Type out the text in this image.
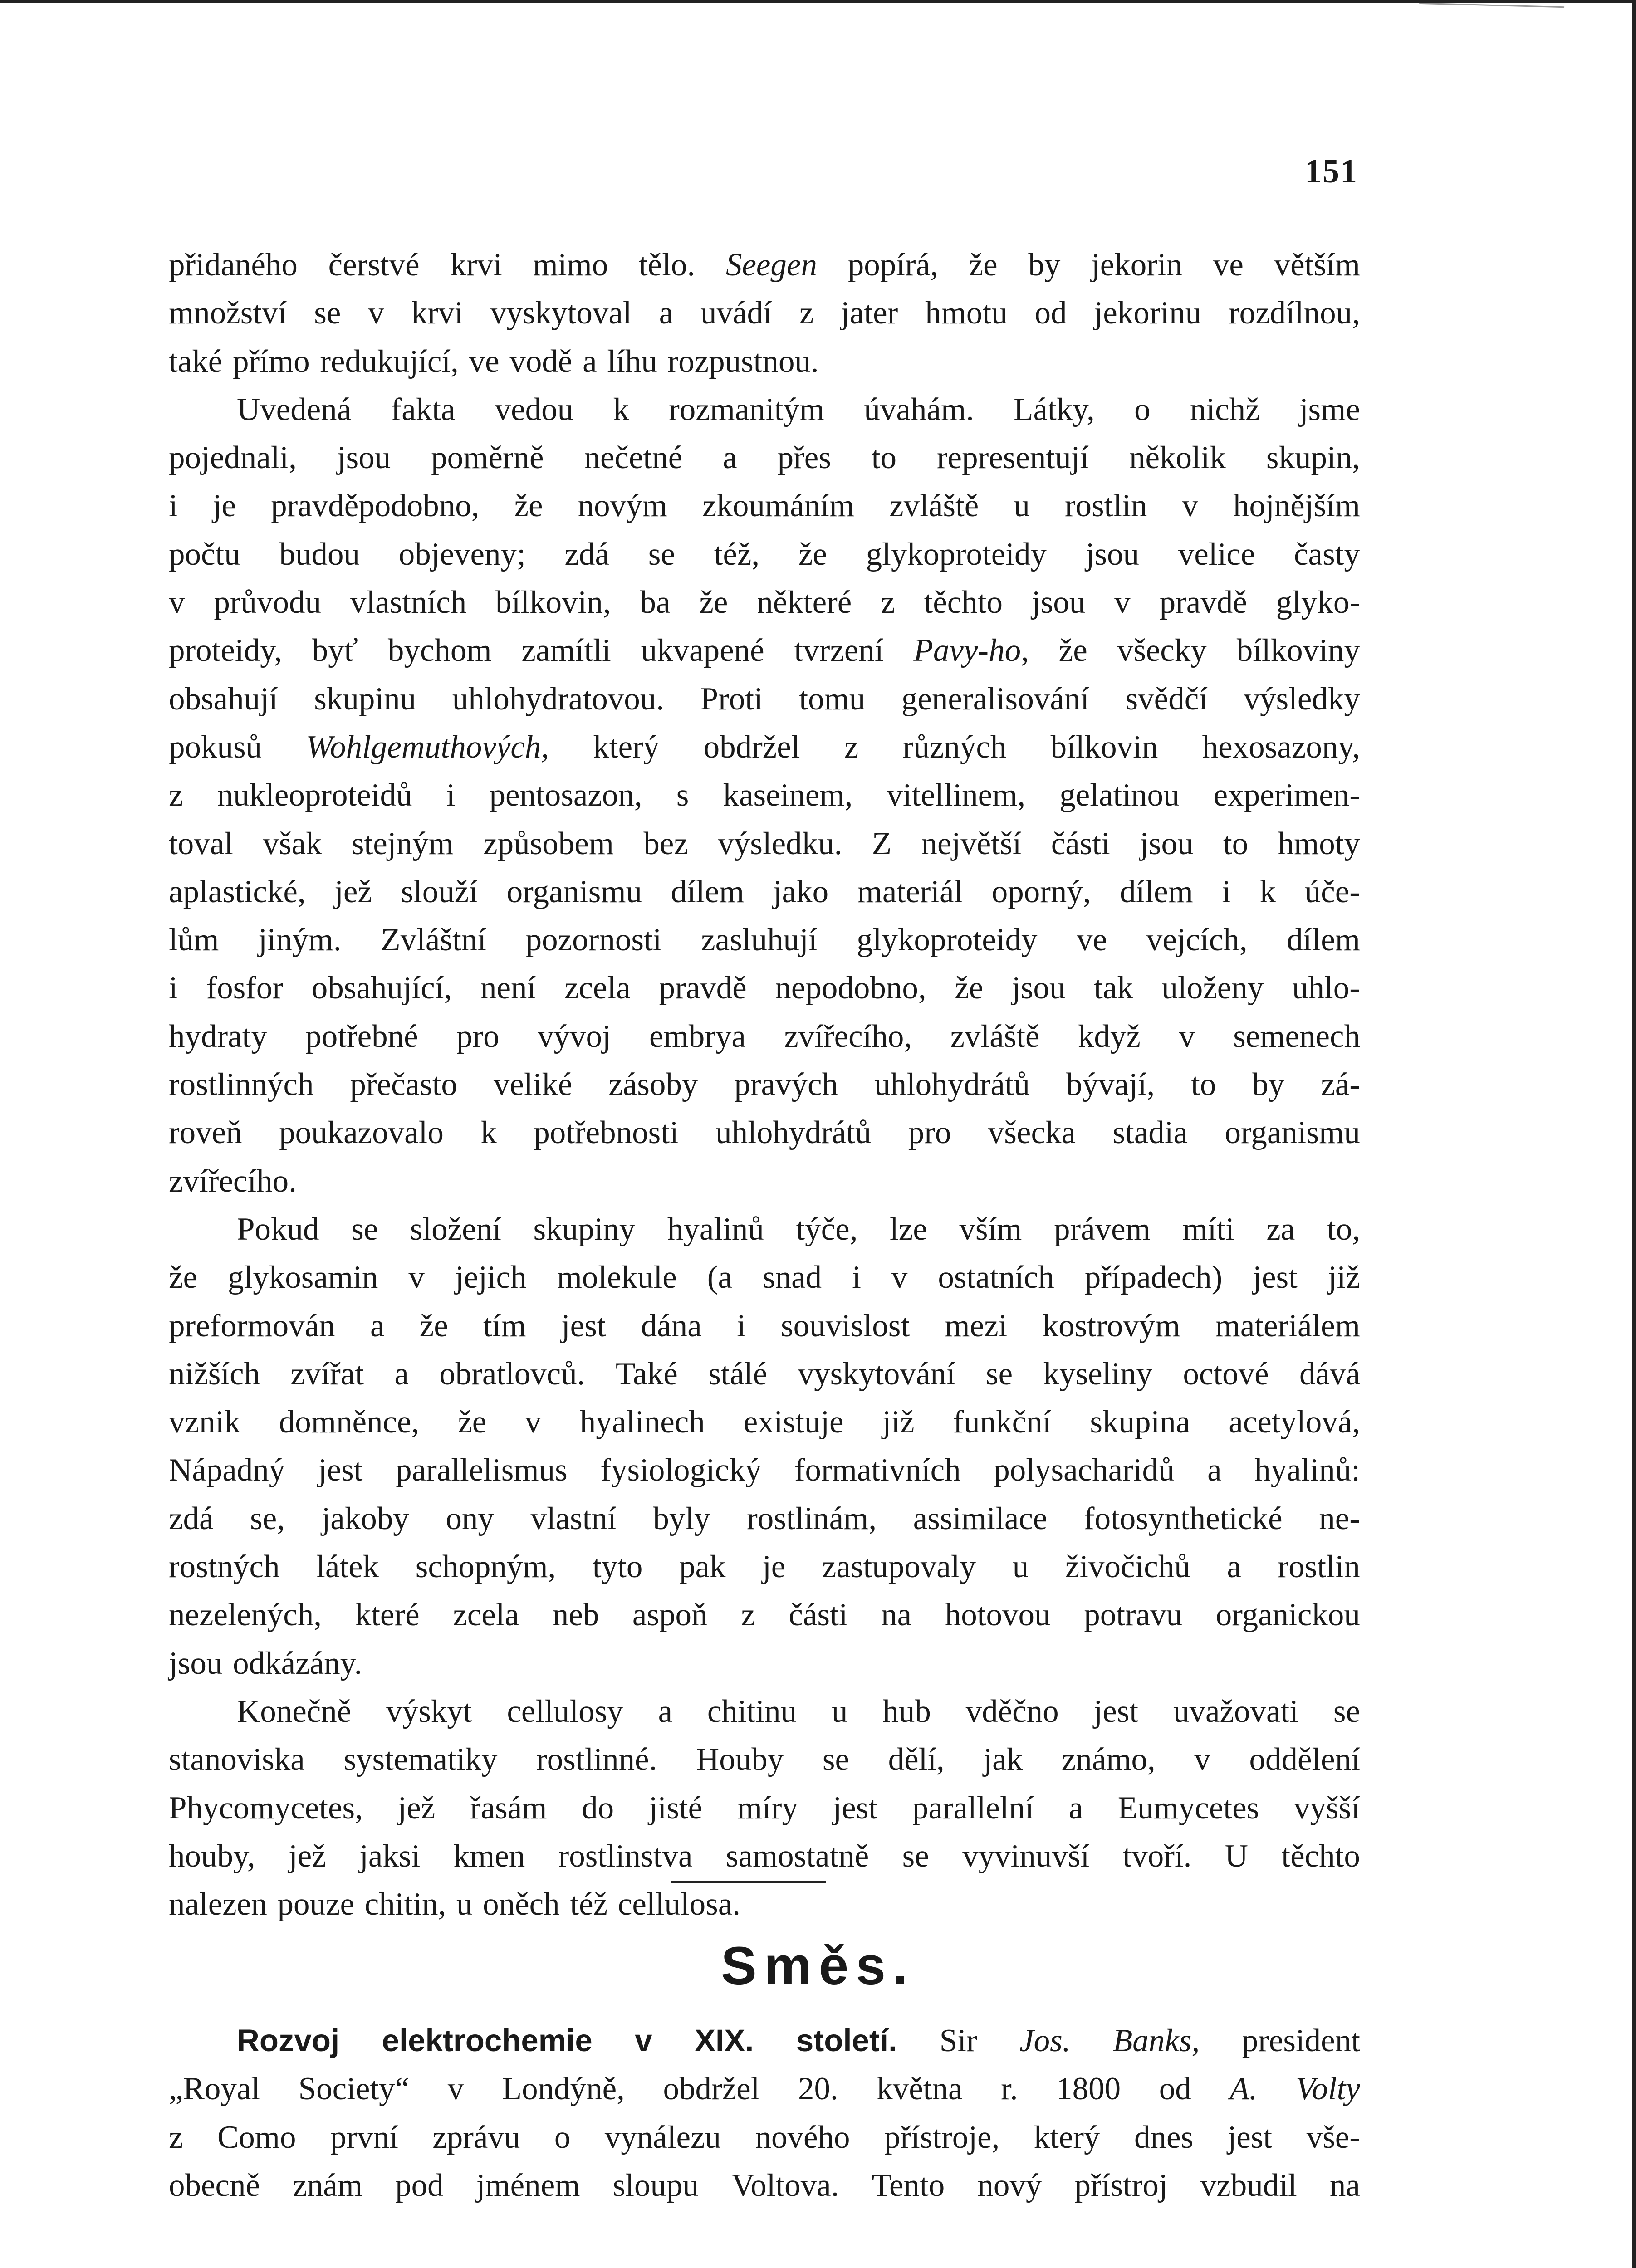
151
přidaného čerstvé krvi mimo tělo. Seegen popírá, že by jekorin ve větším
množství se v krvi vyskytoval a uvádí z jater hmotu od jekorinu rozdílnou,
také přímo redukující, ve vodě a líhu rozpustnou.
Uvedená fakta vedou k rozmanitým úvahám. Látky, o nichž jsme
pojednali, jsou poměrně nečetné a přes to representují několik skupin,
i je pravděpodobno, že novým zkoumáním zvláště u rostlin v hojnějším
počtu budou objeveny; zdá se též, že glykoproteidy jsou velice časty
v průvodu vlastních bílkovin, ba že některé z těchto jsou v pravdě glyko-
proteidy, byť bychom zamítli ukvapené tvrzení Pavy-ho, že všecky bílkoviny
obsahují skupinu uhlohydratovou. Proti tomu generalisování svědčí výsledky
pokusů Wohlgemuthových, který obdržel z různých bílkovin hexosazony,
z nukleoproteidů i pentosazon, s kaseinem, vitellinem, gelatinou experimen-
toval však stejným způsobem bez výsledku. Z největší části jsou to hmoty
aplastické, jež slouží organismu dílem jako materiál oporný, dílem i k úče-
lům jiným. Zvláštní pozornosti zasluhují glykoproteidy ve vejcích, dílem
i fosfor obsahující, není zcela pravdě nepodobno, že jsou tak uloženy uhlo-
hydraty potřebné pro vývoj embrya zvířecího, zvláště když v semenech
rostlinných přečasto veliké zásoby pravých uhlohydrátů bývají, to by zá-
roveň poukazovalo k potřebnosti uhlohydrátů pro všecka stadia organismu
zvířecího.
Pokud se složení skupiny hyalinů týče, lze vším právem míti za to,
že glykosamin v jejich molekule (a snad i v ostatních případech) jest již
preformován a že tím jest dána i souvislost mezi kostrovým materiálem
nižších zvířat a obratlovců. Také stálé vyskytování se kyseliny octové dává
vznik domněnce, že v hyalinech existuje již funkční skupina acetylová,
Nápadný jest parallelismus fysiologický formativních polysacharidů a hyalinů:
zdá se, jakoby ony vlastní byly rostlinám, assimilace fotosynthetické ne-
rostných látek schopným, tyto pak je zastupovaly u živočichů a rostlin
nezelených, které zcela neb aspoň z části na hotovou potravu organickou
jsou odkázány.
Konečně výskyt cellulosy a chitinu u hub vděčno jest uvažovati se
stanoviska systematiky rostlinné. Houby se dělí, jak známo, v oddělení
Phycomycetes, jež řasám do jisté míry jest parallelní a Eumycetes vyšší
houby, jež jaksi kmen rostlinstva samostatně se vyvinuvší tvoří. U těchto
nalezen pouze chitin, u oněch též cellulosa.
Směs.
Rozvoj elektrochemie v XIX. století. Sir Jos. Banks, president
„Royal Society“ v Londýně, obdržel 20. května r. 1800 od A. Volty
z Como první zprávu o vynálezu nového přístroje, který dnes jest vše-
obecně znám pod jménem sloupu Voltova. Tento nový přístroj vzbudil na
